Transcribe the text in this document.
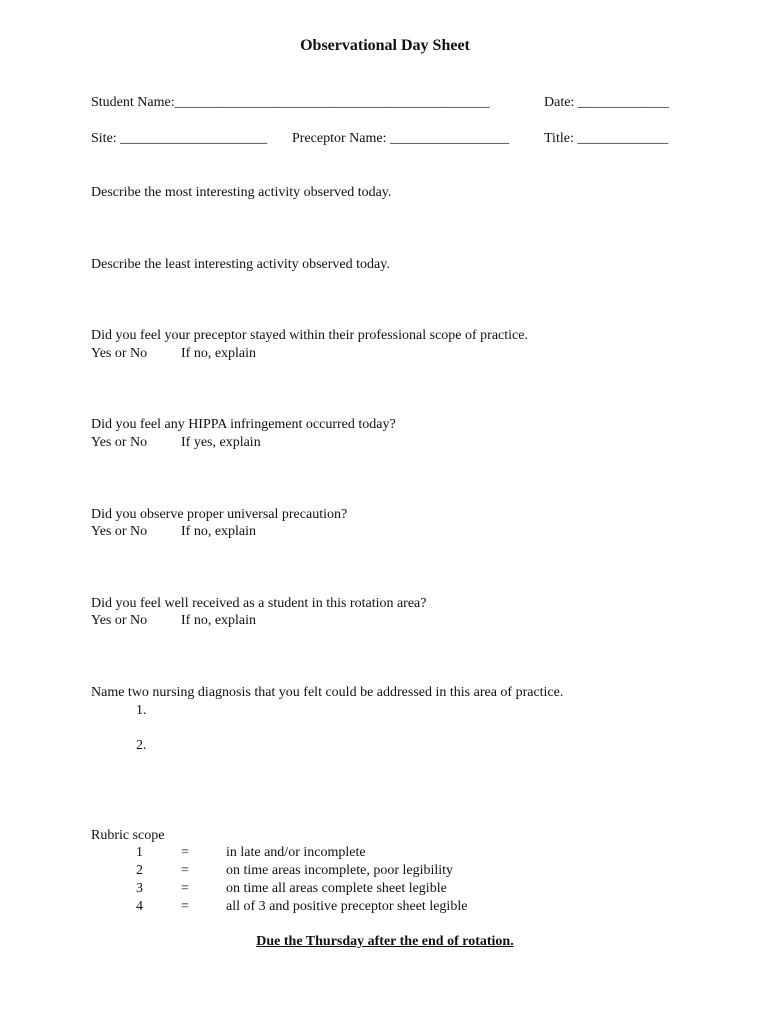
Observational Day Sheet
Student Name:_____________________________________________	Date: _____________
Site: _____________________ Preceptor Name: _________________	Title: _____________
Describe the most interesting activity observed today.
Describe the least interesting activity observed today.
Did you feel your preceptor stayed within their professional scope of practice.
Yes or No If no, explain
Did you feel any HIPPA infringement occurred today?
Yes or No If yes, explain
Did you observe proper universal precaution?
Yes or No If no, explain
Did you feel well received as a student in this rotation area?
Yes or No If no, explain
Name two nursing diagnosis that you felt could be addressed in this area of practice.
1.
2.
Rubric scope
1	=	in late and/or incomplete
2	=	on time areas incomplete, poor legibility
3	=	on time all areas complete sheet legible
4	=	all of 3 and positive preceptor sheet legible
Due the Thursday after the end of rotation.
